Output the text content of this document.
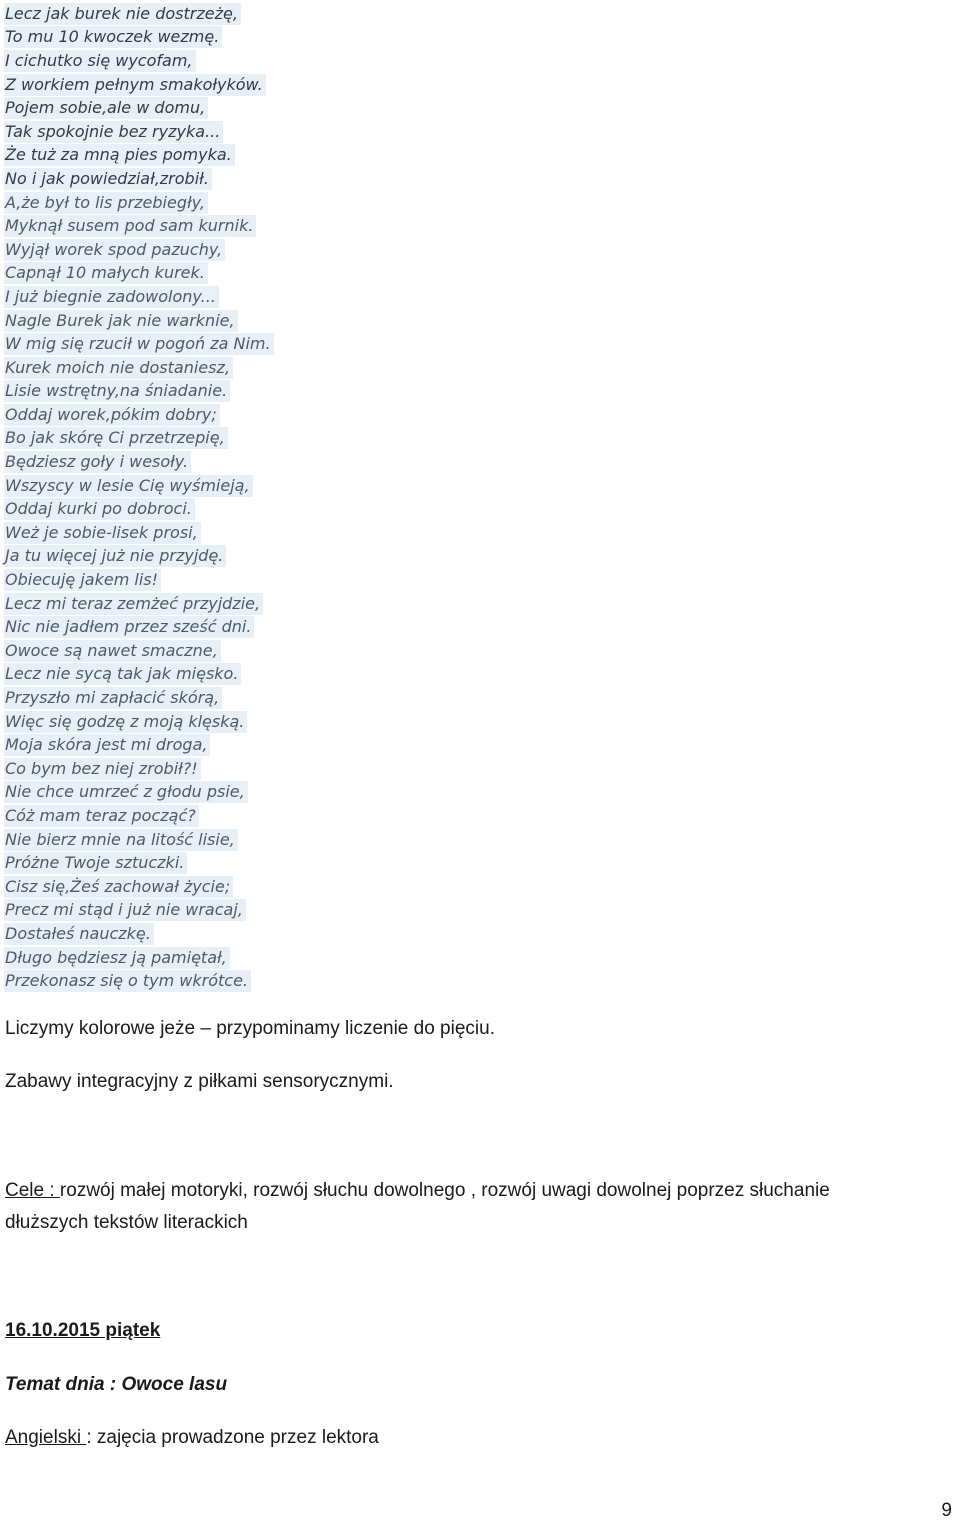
Lecz jak burek nie dostrzeżę,
To mu 10 kwoczek wezmę.
I cichutko się wycofam,
Z workiem pełnym smakołyków.
Pojem sobie,ale w domu,
Tak spokojnie bez ryzyka...
Że tuż za mną pies pomyka.
No i jak powiedział,zrobił.
A,że był to lis przebiegły,
Myknął susem pod sam kurnik.
Wyjął worek spod pazuchy,
Capnął 10 małych kurek.
I już biegnie zadowolony...
Nagle Burek jak nie warknie,
W mig się rzucił w pogoń za Nim.
Kurek moich nie dostaniesz,
Lisie wstrętny,na śniadanie.
Oddaj worek,pókim dobry;
Bo jak skórę Ci przetrzepię,
Będziesz goły i wesoły.
Wszyscy w lesie Cię wyśmieją,
Oddaj kurki po dobroci.
Weż je sobie-lisek prosi,
Ja tu więcej już nie przyjdę.
Obiecuję jakem lis!
Lecz mi teraz zemżeć przyjdzie,
Nic nie jadłem przez sześć dni.
Owoce są nawet smaczne,
Lecz nie sycą tak jak mięsko.
Przyszło mi zapłacić skórą,
Więc się godzę z moją klęską.
Moja skóra jest mi droga,
Co bym bez niej zrobił?!
Nie chce umrzeć z głodu psie,
Cóż mam teraz począć?
Nie bierz mnie na litość lisie,
Próżne Twoje sztuczki.
Cisz się,Żeś zachował życie;
Precz mi stąd i już nie wracaj,
Dostałeś nauczkę.
Długo będziesz ją pamiętał,
Przekonasz się o tym wkrótce.

Liczymy kolorowe jeże – przypominamy liczenie do pięciu.

Zabawy integracyjny z piłkami sensorycznymi.

Cele : rozwój małej motoryki, rozwój słuchu dowolnego , rozwój uwagi dowolnej poprzez słuchanie

dłuższych tekstów literackich

16.10.2015 piątek

Temat dnia : Owoce lasu

Angielski : zajęcia prowadzone przez lektora

9
